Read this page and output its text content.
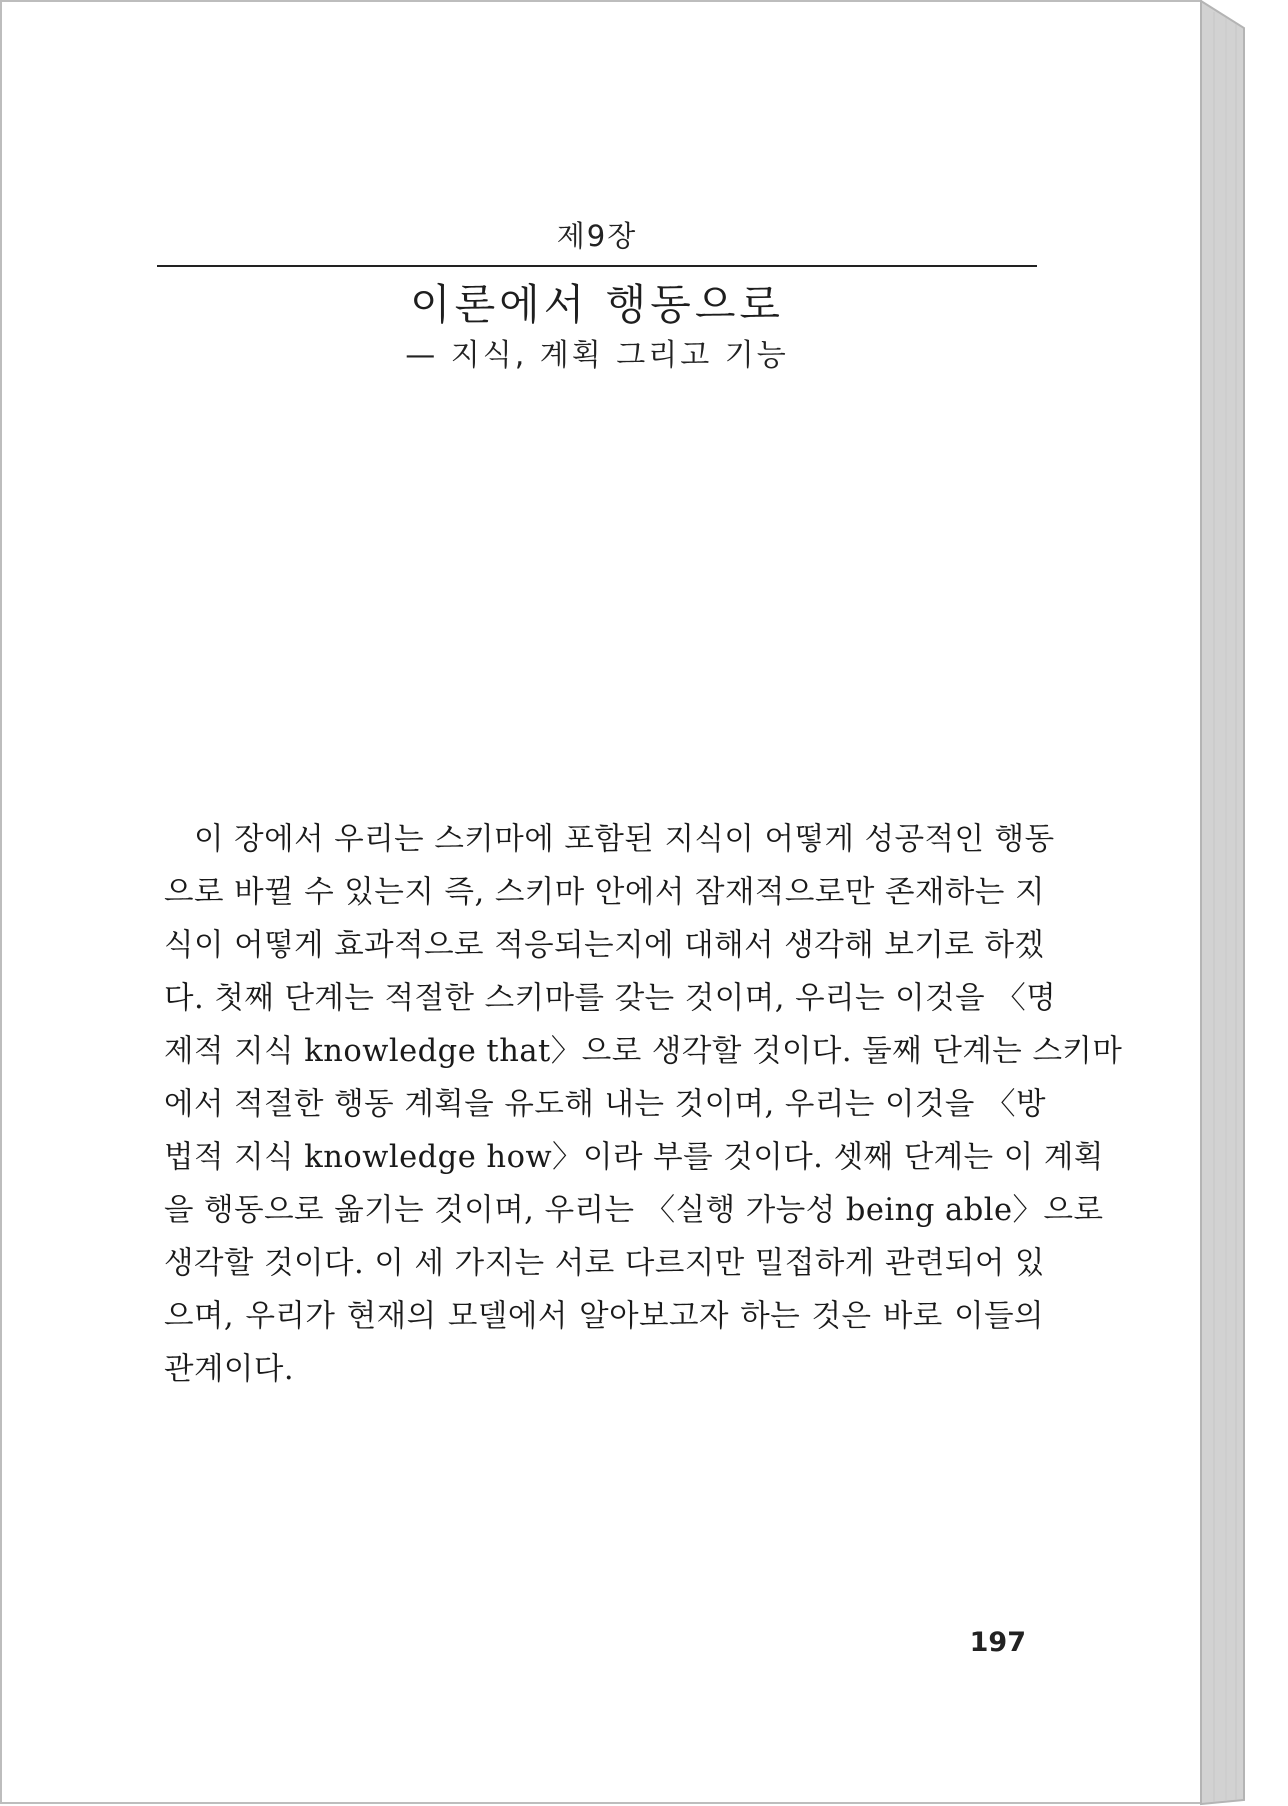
제9장
이론에서 행동으로
— 지식, 계획 그리고 기능
이 장에서 우리는 스키마에 포함된 지식이 어떻게 성공적인 행동
으로 바뀔 수 있는지 즉, 스키마 안에서 잠재적으로만 존재하는 지
식이 어떻게 효과적으로 적응되는지에 대해서 생각해 보기로 하겠
다. 첫째 단계는 적절한 스키마를 갖는 것이며, 우리는 이것을 〈명
제적 지식 knowledge that〉으로 생각할 것이다. 둘째 단계는 스키마
에서 적절한 행동 계획을 유도해 내는 것이며, 우리는 이것을 〈방
법적 지식 knowledge how〉이라 부를 것이다. 셋째 단계는 이 계획
을 행동으로 옮기는 것이며, 우리는 〈실행 가능성 being able〉으로
생각할 것이다. 이 세 가지는 서로 다르지만 밀접하게 관련되어 있
으며, 우리가 현재의 모델에서 알아보고자 하는 것은 바로 이들의
관계이다.
197
